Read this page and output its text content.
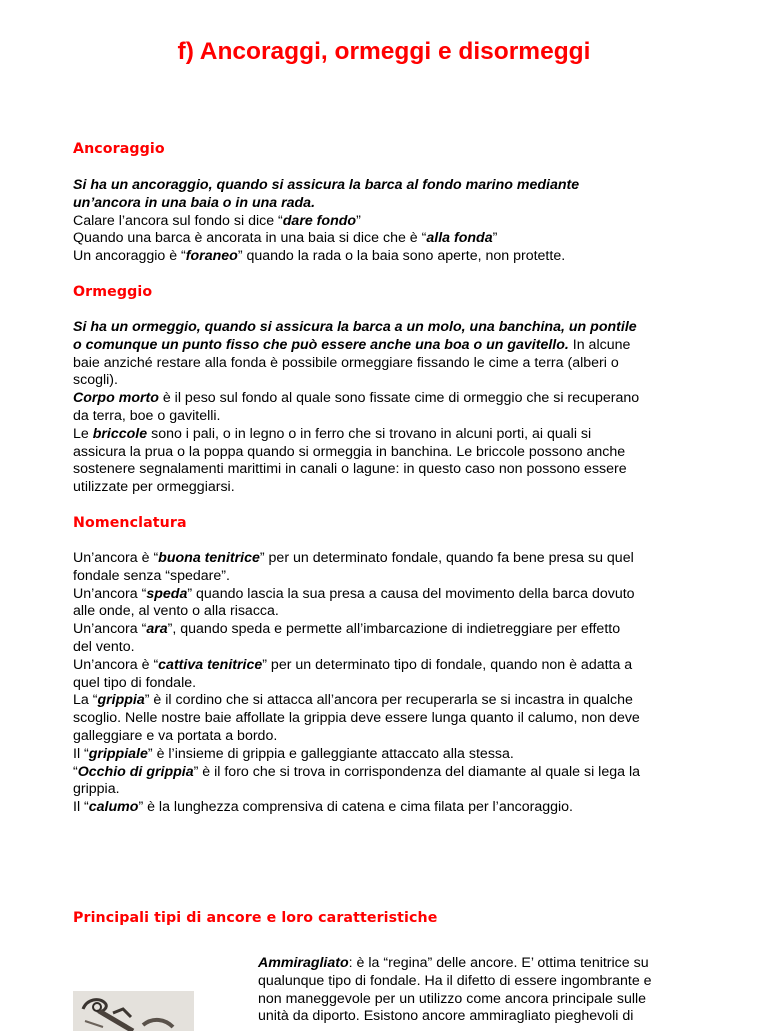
f) Ancoraggi, ormeggi e disormeggi
Ancoraggio

Si ha un ancoraggio, quando si assicura la barca al fondo marino mediante

un’ancora in una baia o in una rada.

Calare l’ancora sul fondo si dice “dare fondo”

Quando una barca è ancorata in una baia si dice che è “alla fonda”

Un ancoraggio è “foraneo” quando la rada o la baia sono aperte, non protette.

Ormeggio

Si ha un ormeggio, quando si assicura la barca a un molo, una banchina, un pontile

o comunque un punto fisso che può essere anche una boa o un gavitello. In alcune

baie anziché restare alla fonda è possibile ormeggiare fissando le cime a terra (alberi o

scogli).

Corpo morto è il peso sul fondo al quale sono fissate cime di ormeggio che si recuperano

da terra, boe o gavitelli.

Le briccole sono i pali, o in legno o in ferro che si trovano in alcuni porti, ai quali si

assicura la prua o la poppa quando si ormeggia in banchina. Le briccole possono anche

sostenere segnalamenti marittimi in canali o lagune: in questo caso non possono essere

utilizzate per ormeggiarsi.

Nomenclatura

Un’ancora è “buona tenitrice” per un determinato fondale, quando fa bene presa su quel

fondale senza “spedare”.

Un’ancora “speda” quando lascia la sua presa a causa del movimento della barca dovuto

alle onde, al vento o alla risacca.

Un’ancora “ara”, quando speda e permette all’imbarcazione di indietreggiare per effetto

del vento.

Un’ancora è “cattiva tenitrice” per un determinato tipo di fondale, quando non è adatta a

quel tipo di fondale.

La “grippia” è il cordino che si attacca all’ancora per recuperarla se si incastra in qualche

scoglio. Nelle nostre baie affollate la grippia deve essere lunga quanto il calumo, non deve

galleggiare e va portata a bordo.

Il “grippiale” è l’insieme di grippia e galleggiante attaccato alla stessa.

“Occhio di grippia” è il foro che si trova in corrispondenza del diamante al quale si lega la

grippia.

Il “calumo” è la lunghezza comprensiva di catena e cima filata per l’ancoraggio.

Principali tipi di ancore e loro caratteristiche

Ammiragliato: è la “regina” delle ancore. E’ ottima tenitrice su

qualunque tipo di fondale. Ha il difetto di essere ingombrante e

non maneggevole per un utilizzo come ancora principale sulle

unità da diporto. Esistono ancore ammiragliato pieghevoli di
